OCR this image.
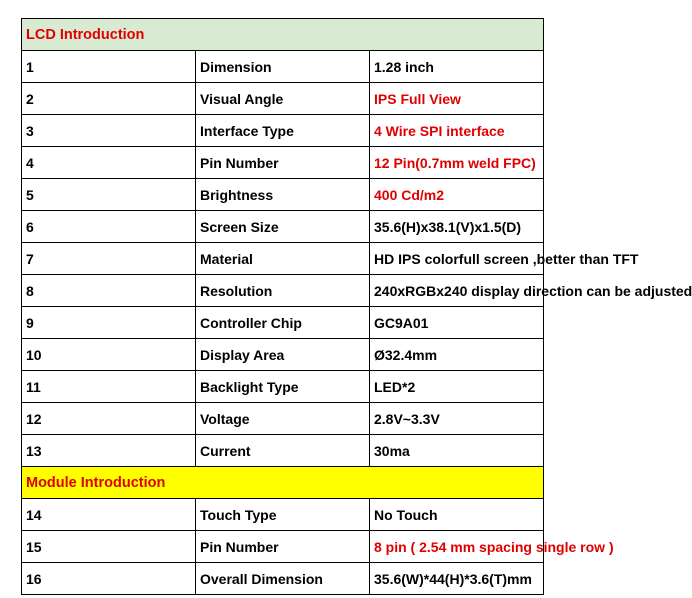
LCD Introduction		
1	Dimension	1.28 inch
2	Visual Angle	IPS Full View
3	Interface Type	4 Wire SPI interface
4	Pin Number	12 Pin(0.7mm weld FPC)
5	Brightness	400 Cd/m2
6	Screen Size	35.6(H)x38.1(V)x1.5(D)
7	Material	HD IPS colorfull screen ,better than TFT
8	Resolution	240xRGBx240 display direction can be adjusted
9	Controller Chip	GC9A01
10	Display Area	Ø32.4mm
11	Backlight Type	LED*2
12	Voltage	2.8V~3.3V
13	Current	30ma
Module Introduction		
14	Touch Type	No Touch
15	Pin Number	8 pin ( 2.54 mm spacing single row )
16	Overall Dimension	35.6(W)*44(H)*3.6(T)mm
